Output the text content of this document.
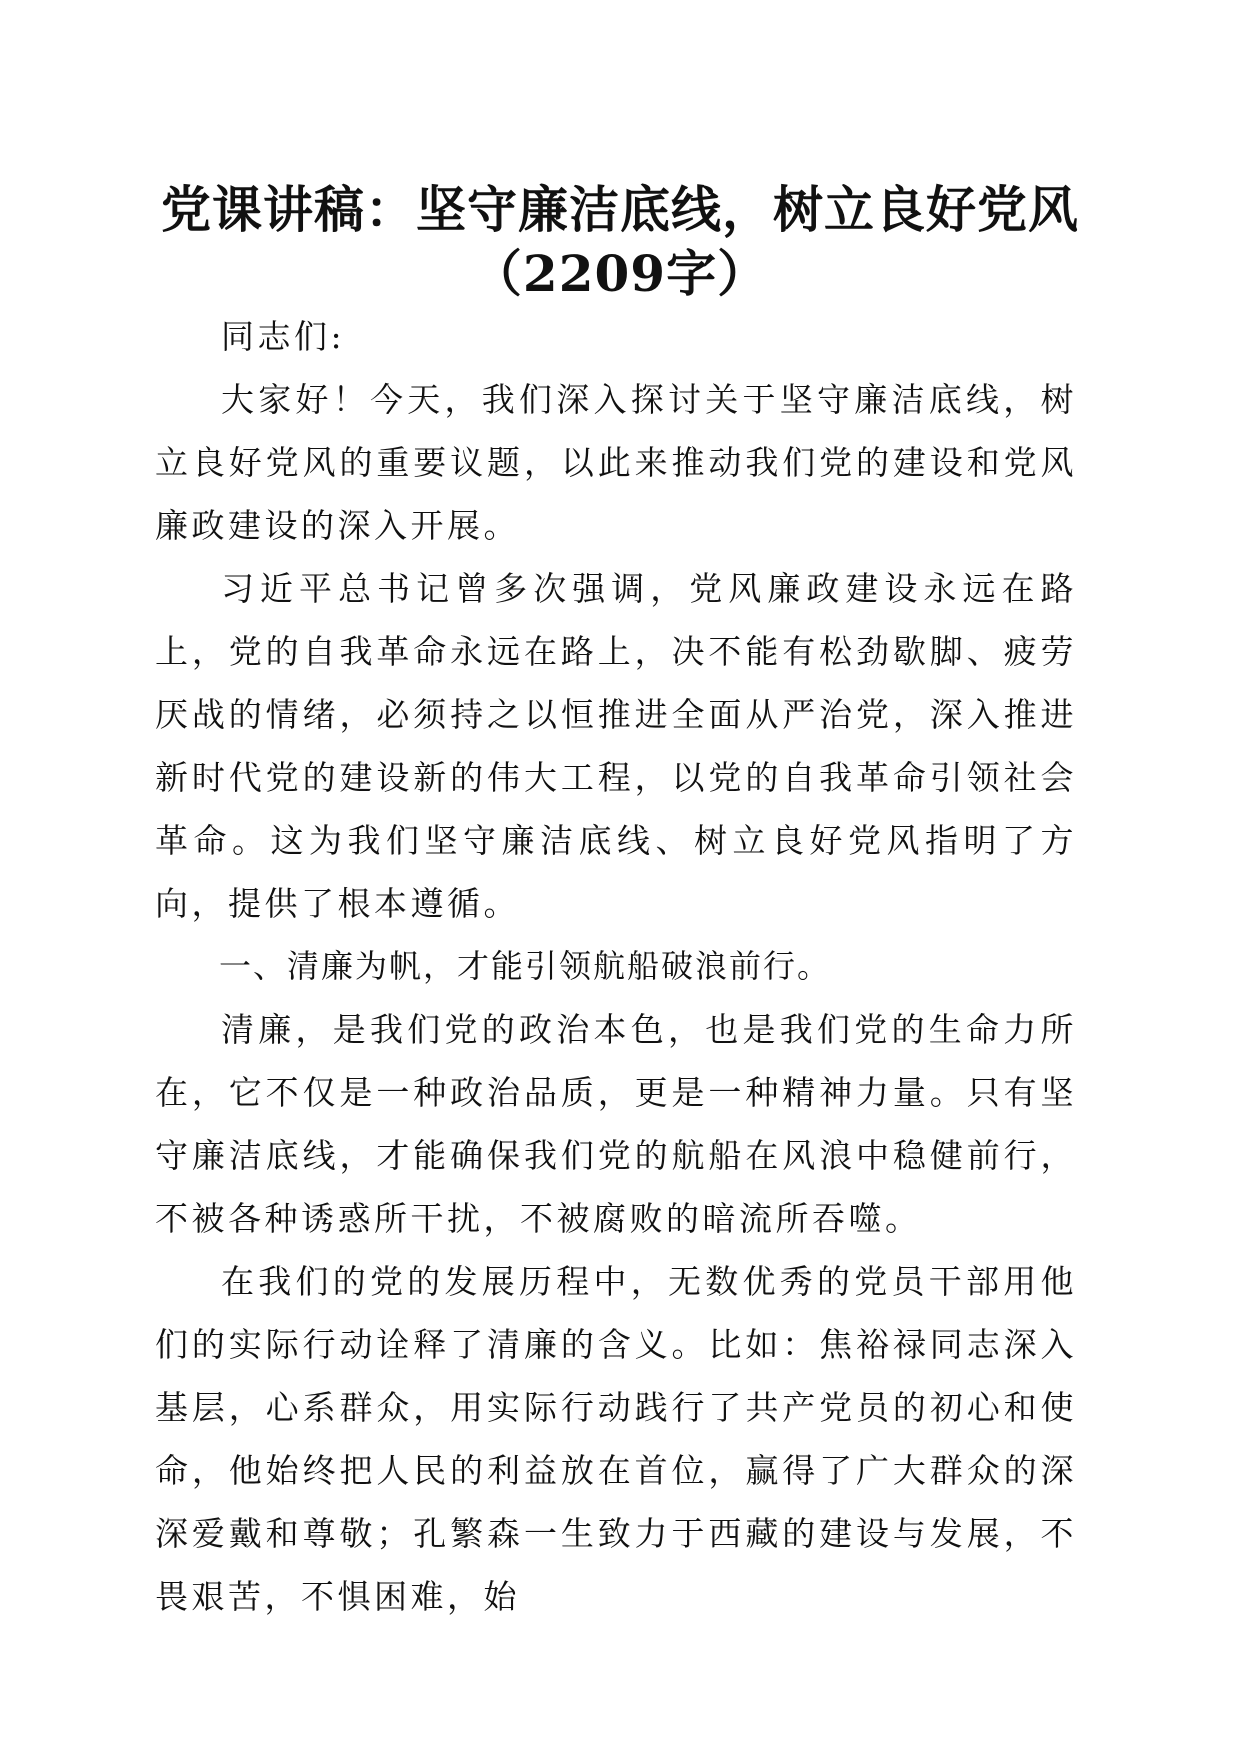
党课讲稿：坚守廉洁底线，树立良好党风
（2209字）

同志们:

大家好！今天，我们深入探讨关于坚守廉洁底线，树立良好党风的重要议题，以此来推动我们党的建设和党风廉政建设的深入开展。

习近平总书记曾多次强调，党风廉政建设永远在路上，党的自我革命永远在路上，决不能有松劲歇脚、疲劳厌战的情绪，必须持之以恒推进全面从严治党，深入推进新时代党的建设新的伟大工程，以党的自我革命引领社会革命。这为我们坚守廉洁底线、树立良好党风指明了方向，提供了根本遵循。

一、清廉为帆，才能引领航船破浪前行。

清廉，是我们党的政治本色，也是我们党的生命力所在，它不仅是一种政治品质，更是一种精神力量。只有坚守廉洁底线，才能确保我们党的航船在风浪中稳健前行，不被各种诱惑所干扰，不被腐败的暗流所吞噬。

在我们的党的发展历程中，无数优秀的党员干部用他们的实际行动诠释了清廉的含义。比如：焦裕禄同志深入基层，心系群众，用实际行动践行了共产党员的初心和使命，他始终把人民的利益放在首位，赢得了广大群众的深深爱戴和尊敬；孔繁森一生致力于西藏的建设与发展，不畏艰苦，不惧困难，始
